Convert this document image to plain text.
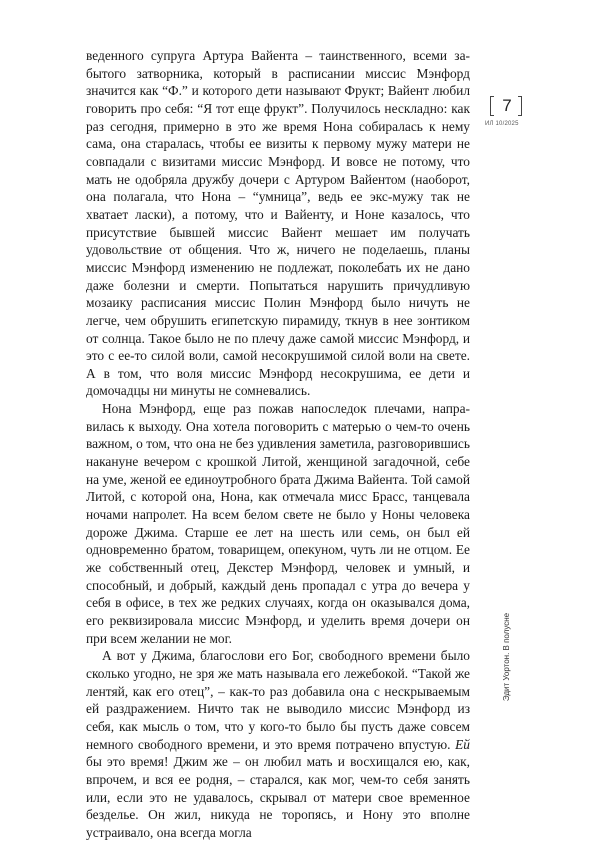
веденного супруга Артура Вайента – таинственного, всеми забытого затворника, который в расписании миссис Мэнфорд значится как “Ф.” и которого дети называют Фрукт; Вайент любил говорить про себя: “Я тот еще фрукт”. Получилось нескладно: как раз сегодня, примерно в это же время Нона собиралась к нему сама, она старалась, чтобы ее визиты к первому мужу матери не совпадали с визитами миссис Мэнфорд. И вовсе не потому, что мать не одобряла дружбу дочери с Артуром Вайентом (наоборот, она полагала, что Нона – “умница”, ведь ее экс-мужу так не хватает ласки), а потому, что и Вайенту, и Ноне казалось, что присутствие бывшей миссис Вайент мешает им получать удовольствие от общения. Что ж, ничего не поделаешь, планы миссис Мэнфорд изменению не подлежат, поколебать их не дано даже болезни и смерти. Попытаться нарушить причудливую мозаику расписания миссис Полин Мэнфорд было ничуть не легче, чем обрушить египетскую пирамиду, ткнув в нее зонтиком от солнца. Такое было не по плечу даже самой миссис Мэнфорд, и это с ее-то силой воли, самой несокрушимой силой воли на свете. А в том, что воля миссис Мэнфорд несокрушима, ее дети и домочадцы ни минуты не сомневались.

Нона Мэнфорд, еще раз пожав напоследок плечами, направилась к выходу. Она хотела поговорить с матерью о чем-то очень важном, о том, что она не без удивления заметила, разговорившись накануне вечером с крошкой Литой, женщиной загадочной, себе на уме, женой ее единоутробного брата Джима Вайента. Той самой Литой, с которой она, Нона, как отмечала мисс Брасс, танцевала ночами напролет. На всем белом свете не было у Ноны человека дороже Джима. Старше ее лет на шесть или семь, он был ей одновременно братом, товарищем, опекуном, чуть ли не отцом. Ее же собственный отец, Декстер Мэнфорд, человек и умный, и способный, и добрый, каждый день пропадал с утра до вечера у себя в офисе, в тех же редких случаях, когда он оказывался дома, его реквизировала миссис Мэнфорд, и уделить время дочери он при всем желании не мог.

А вот у Джима, благослови его Бог, свободного времени было сколько угодно, не зря же мать называла его лежебокой. “Такой же лентяй, как его отец”, – как-то раз добавила она с нескрываемым ей раздражением. Ничто так не выводило миссис Мэнфорд из себя, как мысль о том, что у кого-то было бы пусть даже совсем немного свободного времени, и это время потрачено впустую. Ей бы это время! Джим же – он любил мать и восхищался ею, как, впрочем, и вся ее родня, – старался, как мог, чем-то себя занять или, если это не удавалось, скрывал от матери свое временное безделье. Он жил, никуда не торопясь, и Нону это вполне устраивало, она всегда могла

7
ИЛ 10/2025
Эдит Уортон. В полусне
